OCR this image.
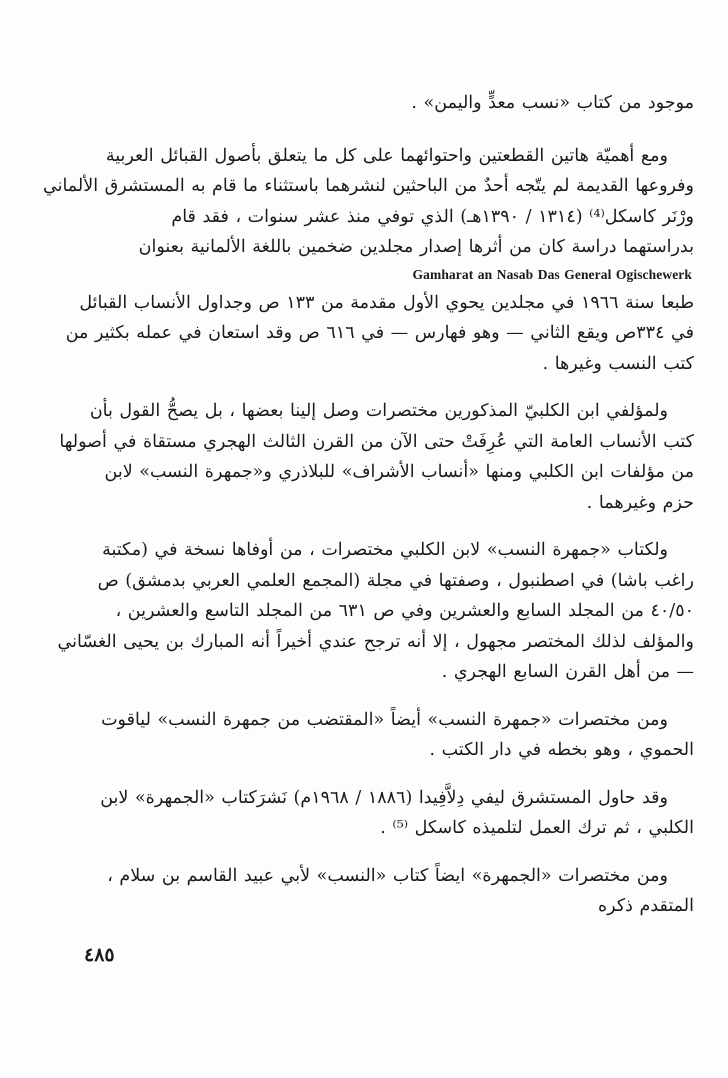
موجود من كتاب «نسب معدٍّ واليمن» .

ومع أهميّة هاتين القطعتين واحتوائهما على كل ما يتعلق بأصول القبائل العربية
وفروعها القديمة لم يتّجه أحدٌ من الباحثين لنشرهما باستثناء ما قام به المستشرق الألماني
ورْنَر كاسكل⁽⁴⁾ (١٣١٤ / ١٣٩٠هـ) الذي توفي منذ عشر سنوات ، فقد قام
بدراستهما دراسة كان من أثرها إصدار مجلدين ضخمين باللغة الألمانية بعنوان

Gamharat an Nasab Das General Ogischewerk

طبعا سنة ١٩٦٦ في مجلدين يحوي الأول مقدمة من ١٣٣ ص وجداول الأنساب القبائل
في ٣٣٤ص ويقع الثاني — وهو فهارس — في ٦١٦ ص وقد استعان في عمله بكثير من
كتب النسب وغيرها .

ولمؤلفي ابن الكلبيّ المذكورين مختصرات وصل إلينا بعضها ، بل يصحُّ القول بأن
كتب الأنساب العامة التي عُرِفَتْ حتى الآن من القرن الثالث الهجري مستقاة في أصولها
من مؤلفات ابن الكلبي ومنها «أنساب الأشراف» للبلاذري و«جمهرة النسب» لابن
حزم وغيرهما .

ولكتاب «جمهرة النسب» لابن الكلبي مختصرات ، من أوفاها نسخة في (مكتبة
راغب باشا) في اصطنبول ، وصفتها في مجلة (المجمع العلمي العربي بدمشق) ص
٤٠/٥٠ من المجلد السابع والعشرين وفي ص ٦٣١ من المجلد التاسع والعشرين ،
والمؤلف لذلك المختصر مجهول ، إلا أنه ترجح عندي أخيراً أنه المبارك بن يحيى الغسّاني
— من أهل القرن السابع الهجري .

ومن مختصرات «جمهرة النسب» أيضاً «المقتضب من جمهرة النسب» لياقوت
الحموي ، وهو بخطه في دار الكتب .

وقد حاول المستشرق ليفي دِلاَّفِيدا (١٨٨٦ / ١٩٦٨م) نَشرَكتاب «الجمهرة» لابن
الكلبي ، ثم ترك العمل لتلميذه كاسكل ⁽⁵⁾ .

ومن مختصرات «الجمهرة» ايضاً كتاب «النسب» لأبي عبيد القاسم بن سلام ،
المتقدم ذكره

٤٨٥
